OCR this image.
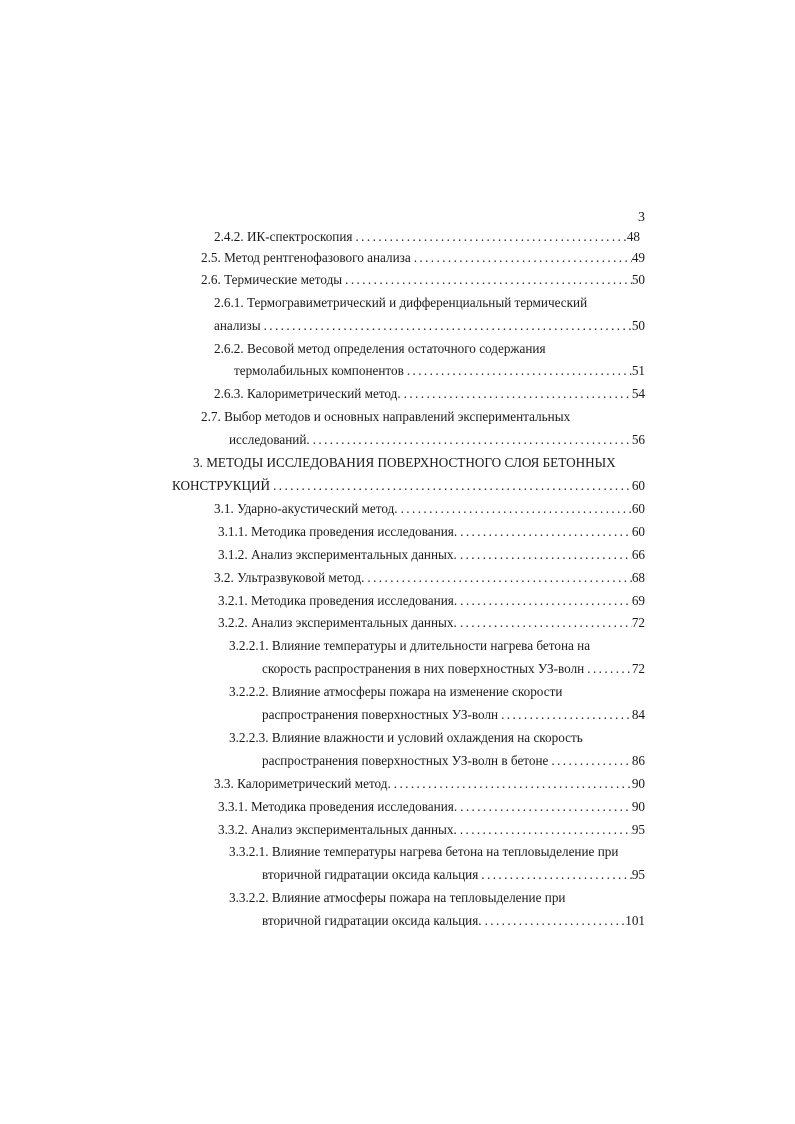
3
2.4.2. ИК-спектроскопия .....	48
2.5. Метод рентгенофазового анализа .....	49
2.6. Термические методы .....	50
2.6.1. Термогравиметрический и дифференциальный термический
анализы .....	50
2.6.2. Весовой метод определения остаточного содержания
термолабильных компонентов .....	51
2.6.3. Калориметрический метод. .....	54
2.7. Выбор методов и основных направлений экспериментальных
исследований. .....	56
3. МЕТОДЫ ИССЛЕДОВАНИЯ ПОВЕРХНОСТНОГО СЛОЯ БЕТОННЫХ
КОНСТРУКЦИЙ .....	60
3.1. Ударно-акустический метод. .....	60
3.1.1. Методика проведения исследования. .....	60
3.1.2. Анализ экспериментальных данных. .....	66
3.2. Ультразвуковой метод. .....	68
3.2.1. Методика проведения исследования. .....	69
3.2.2. Анализ экспериментальных данных. .....	72
3.2.2.1. Влияние температуры и длительности нагрева бетона на
скорость распространения в них поверхностных УЗ-волн .....	72
3.2.2.2. Влияние атмосферы пожара на изменение скорости
распространения поверхностных УЗ-волн .....	84
3.2.2.3. Влияние влажности и условий охлаждения на скорость
распространения поверхностных УЗ-волн в бетоне .....	86
3.3. Калориметрический метод. .....	90
3.3.1. Методика проведения исследования. .....	90
3.3.2. Анализ экспериментальных данных. .....	95
3.3.2.1. Влияние температуры нагрева бетона на тепловыделение при
вторичной гидратации оксида кальция .....	95
3.3.2.2. Влияние атмосферы пожара на тепловыделение при
вторичной гидратации оксида кальция. .....	101
